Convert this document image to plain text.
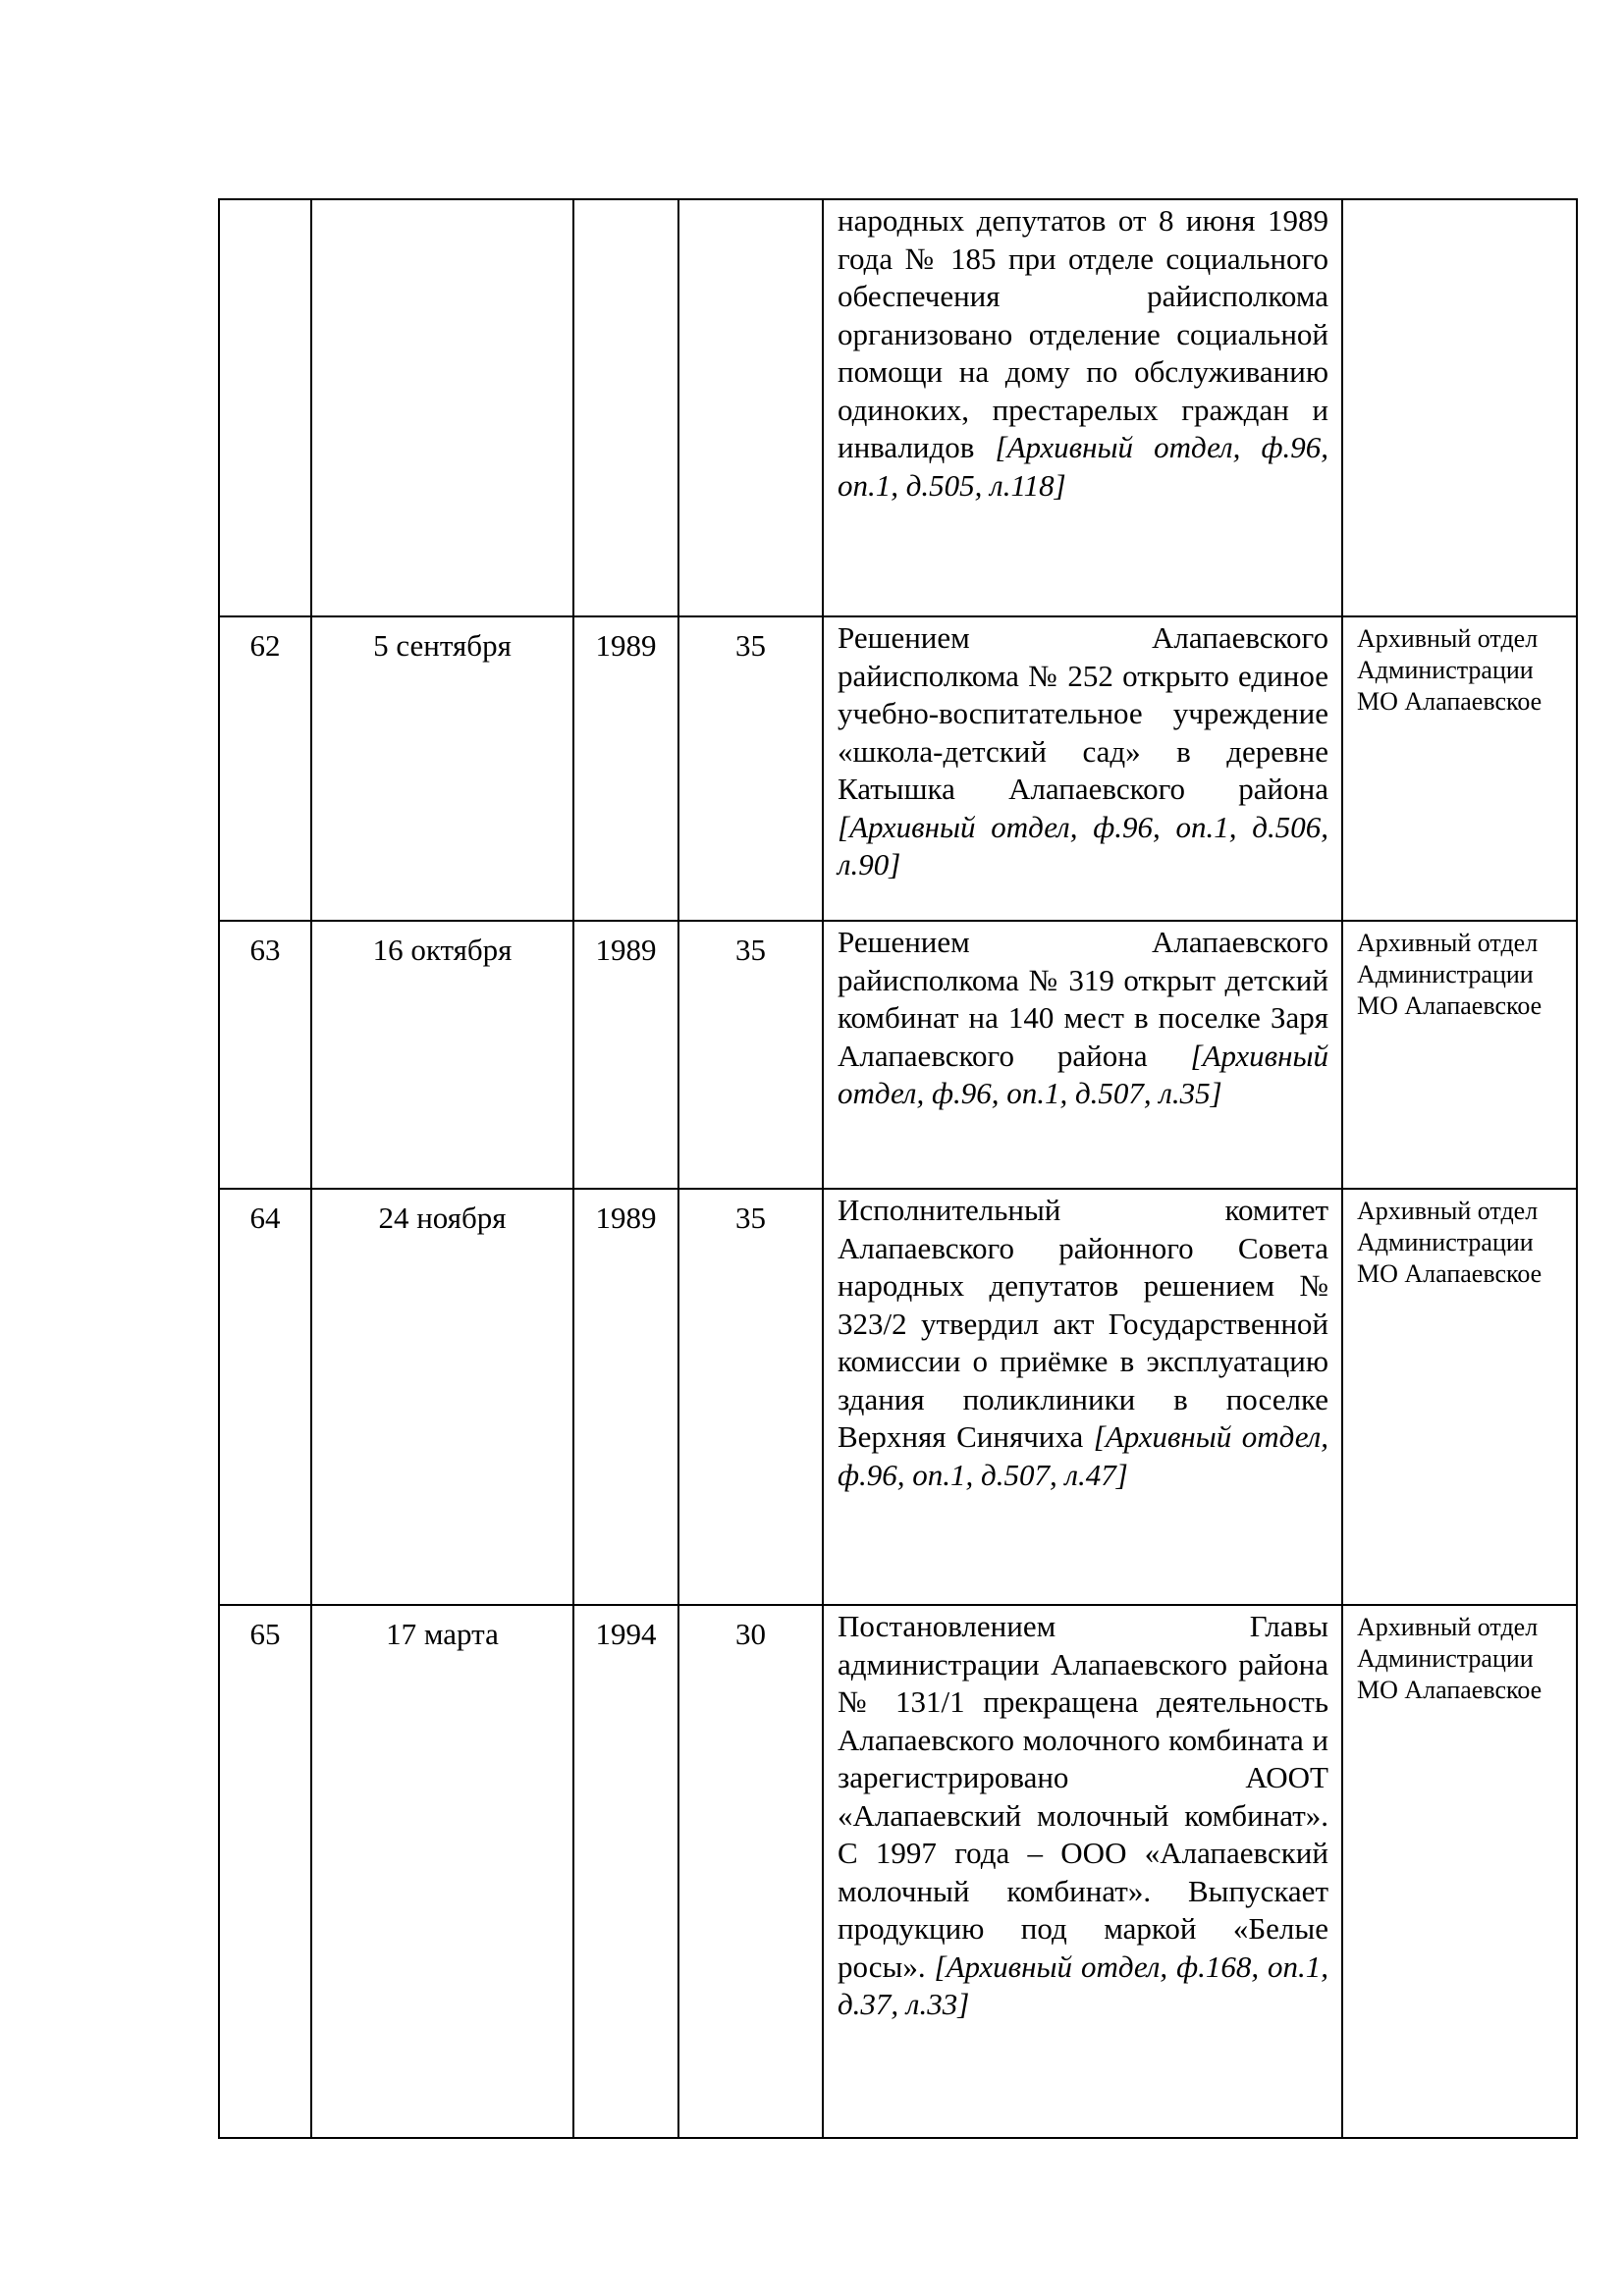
				народных депутатов от 8 июня 1989 года № 185 при отделе социального обеспечения райисполкома организовано отделение социальной помощи на дому по обслуживанию одиноких, престарелых граждан и инвалидов [Архивный отдел, ф.96, оп.1, д.505, л.118]	

62	5 сентября	1989	35	Решением Алапаевского райисполкома № 252 открыто единое учебно-воспитательное учреждение «школа-детский сад» в деревне Катышка Алапаевского района [Архивный отдел, ф.96, оп.1, д.506, л.90]	Архивный отдел Администрации МО Алапаевское
63	16 октября	1989	35	Решением Алапаевского райисполкома № 319 открыт детский комбинат на 140 мест в поселке Заря Алапаевского района [Архивный отдел, ф.96, оп.1, д.507, л.35]	Архивный отдел Администрации МО Алапаевское
64	24 ноября	1989	35	Исполнительный комитет Алапаевского районного Совета народных депутатов решением № 323/2 утвердил акт Государственной комиссии о приёмке в эксплуатацию здания поликлиники в поселке Верхняя Синячиха [Архивный отдел, ф.96, оп.1, д.507, л.47]	Архивный отдел Администрации МО Алапаевское
65	17 марта	1994	30	Постановлением Главы администрации Алапаевского района № 131/1 прекращена деятельность Алапаевского молочного комбината и зарегистрировано АООТ «Алапаевский молочный комбинат». С 1997 года – ООО «Алапаевский молочный комбинат». Выпускает продукцию под маркой «Белые росы». [Архивный отдел, ф.168, оп.1, д.37, л.33]	Архивный отдел Администрации МО Алапаевское
